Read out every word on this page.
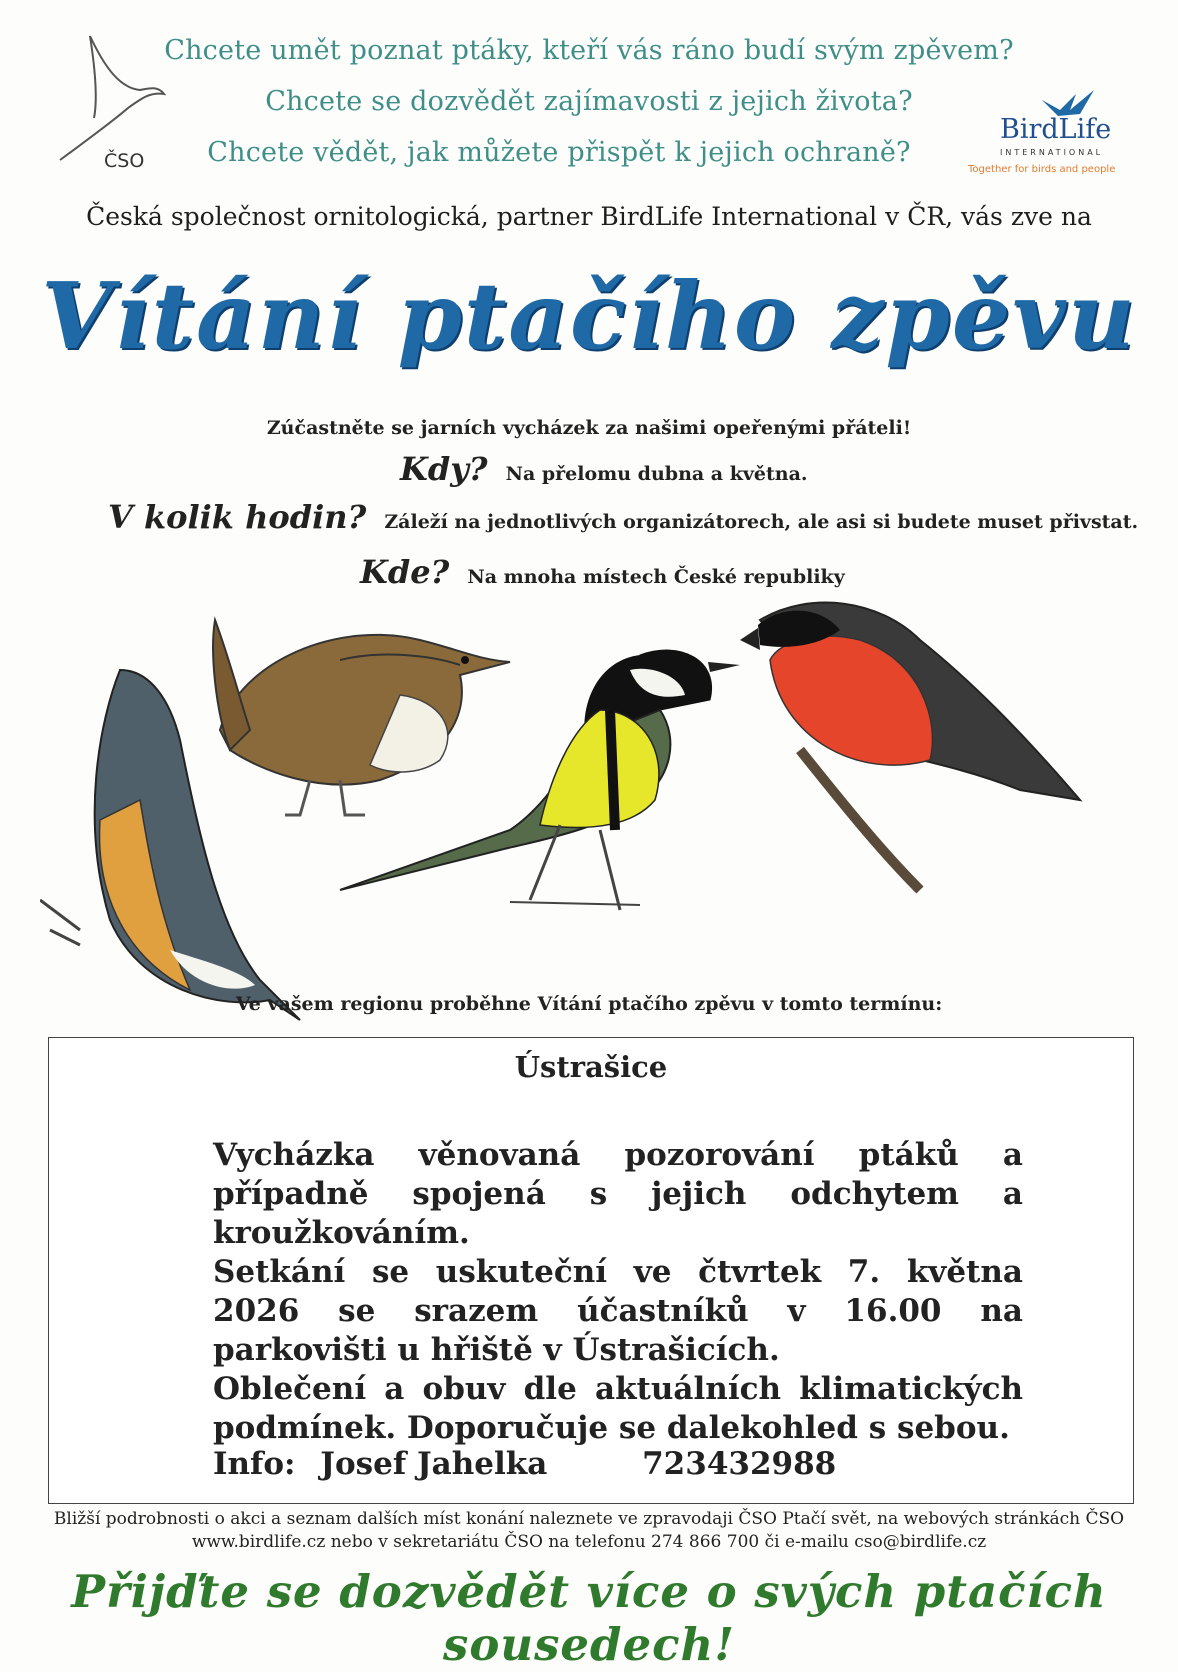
ČSO
BirdLife
INTERNATIONAL
Together for birds and people
Chcete umět poznat ptáky, kteří vás ráno budí svým zpěvem?
Chcete se dozvědět zajímavosti z jejich života?
Chcete vědět, jak můžete přispět k jejich ochraně?
Česká společnost ornitologická, partner BirdLife International v ČR, vás zve na
Vítání ptačího zpěvu
Zúčastněte se jarních vycházek za našimi opeřenými přáteli!
Kdy? Na přelomu dubna a května.
V kolik hodin? Záleží na jednotlivých organizátorech, ale asi si budete muset přivstat.
Kde? Na mnoha místech České republiky
Ve vašem regionu proběhne Vítání ptačího zpěvu v tomto termínu:
Ústrašice
Vycházka věnovaná pozorování ptáků a případně spojená s jejich odchytem a kroužkováním.
Setkání se uskuteční ve čtvrtek 7. května 2026 se srazem účastníků v 16.00 na parkovišti u hřiště v Ústrašicích.
Oblečení a obuv dle aktuálních klimatických podmínek. Doporučuje se dalekohled s sebou.
Info: Josef Jahelka	723432988
Bližší podrobnosti o akci a seznam dalších míst konání naleznete ve zpravodaji ČSO Ptačí svět, na webových stránkách ČSO
www.birdlife.cz nebo v sekretariátu ČSO na telefonu 274 866 700 či e-mailu cso@birdlife.cz
Přijďte se dozvědět více o svých ptačích sousedech!
